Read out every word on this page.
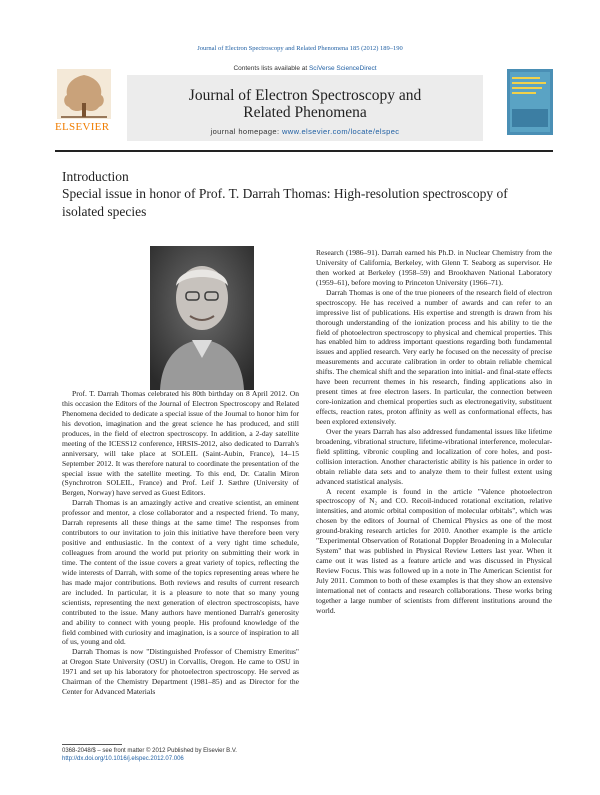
Journal of Electron Spectroscopy and Related Phenomena 185 (2012) 189–190
ELSEVIER
Contents lists available at SciVerse ScienceDirect
Journal of Electron Spectroscopy and
Related Phenomena
journal homepage: www.elsevier.com/locate/elspec
Introduction
Special issue in honor of Prof. T. Darrah Thomas: High-resolution spectroscopy of isolated species

Prof. T. Darrah Thomas celebrated his 80th birthday on 8 April 2012. On this occasion the Editors of the Journal of Electron Spectroscopy and Related Phenomena decided to dedicate a special issue of the Journal to honor him for his devotion, imagination and the great science he has produced, and still produces, in the field of electron spectroscopy. In addition, a 2-day satellite meeting of the ICESS12 conference, HRSIS-2012, also dedicated to Darrah's anniversary, will take place at SOLEIL (Saint-Aubin, France), 14–15 September 2012. It was therefore natural to coordinate the presentation of the special issue with the satellite meeting. To this end, Dr. Catalin Miron (Synchrotron SOLEIL, France) and Prof. Leif J. Sæthre (University of Bergen, Norway) have served as Guest Editors.

Darrah Thomas is an amazingly active and creative scientist, an eminent professor and mentor, a close collaborator and a respected friend. To many, Darrah represents all these things at the same time! The responses from contributors to our invitation to join this initiative have therefore been very positive and enthusiastic. In the context of a very tight time schedule, colleagues from around the world put priority on submitting their work in time. The content of the issue covers a great variety of topics, reflecting the wide interests of Darrah, with some of the topics representing areas where he has made major contributions. Both reviews and results of current research are included. In particular, it is a pleasure to note that so many young scientists, representing the next generation of electron spectroscopists, have contributed to the issue. Many authors have mentioned Darrah's generosity and ability to connect with young people. His profound knowledge of the field combined with curiosity and imagination, is a source of inspiration to all of us, young and old.

Darrah Thomas is now "Distinguished Professor of Chemistry Emeritus" at Oregon State University (OSU) in Corvallis, Oregon. He came to OSU in 1971 and set up his laboratory for photoelectron spectroscopy. He served as Chairman of the Chemistry Department (1981–85) and as Director for the Center for Advanced Materials

Research (1986–91). Darrah earned his Ph.D. in Nuclear Chemistry from the University of California, Berkeley, with Glenn T. Seaborg as supervisor. He then worked at Berkeley (1958–59) and Brookhaven National Laboratory (1959–61), before moving to Princeton University (1966–71).

Darrah Thomas is one of the true pioneers of the research field of electron spectroscopy. He has received a number of awards and can refer to an impressive list of publications. His expertise and strength is drawn from his thorough understanding of the ionization process and his ability to tie the field of photoelectron spectroscopy to physical and chemical properties. This has enabled him to address important questions regarding both fundamental issues and applied research. Very early he focused on the necessity of precise measurements and accurate calibration in order to obtain reliable chemical shifts. The chemical shift and the separation into initial- and final-state effects have been recurrent themes in his research, finding applications also in present times at free electron lasers. In particular, the connection between core-ionization and chemical properties such as electronegativity, substituent effects, reaction rates, proton affinity as well as conformational effects, has been explored extensively.

Over the years Darrah has also addressed fundamental issues like lifetime broadening, vibrational structure, lifetime-vibrational interference, molecular-field splitting, vibronic coupling and localization of core holes, and post-collision interaction. Another characteristic ability is his patience in order to obtain reliable data sets and to analyze them to their fullest extent using advanced statistical analysis.

A recent example is found in the article "Valence photoelectron spectroscopy of N₂ and CO. Recoil-induced rotational excitation, relative intensities, and atomic orbital composition of molecular orbitals", which was chosen by the editors of Journal of Chemical Physics as one of the most ground-braking research articles for 2010. Another example is the article "Experimental Observation of Rotational Doppler Broadening in a Molecular System" that was published in Physical Review Letters last year. When it came out it was listed as a feature article and was discussed in Physical Review Focus. This was followed up in a note in The American Scientist for July 2011. Common to both of these examples is that they show an extensive international net of contacts and research collaborations. These works bring together a large number of scientists from different institutions around the world.

0368-2048/$ – see front matter © 2012 Published by Elsevier B.V.
http://dx.doi.org/10.1016/j.elspec.2012.07.006
